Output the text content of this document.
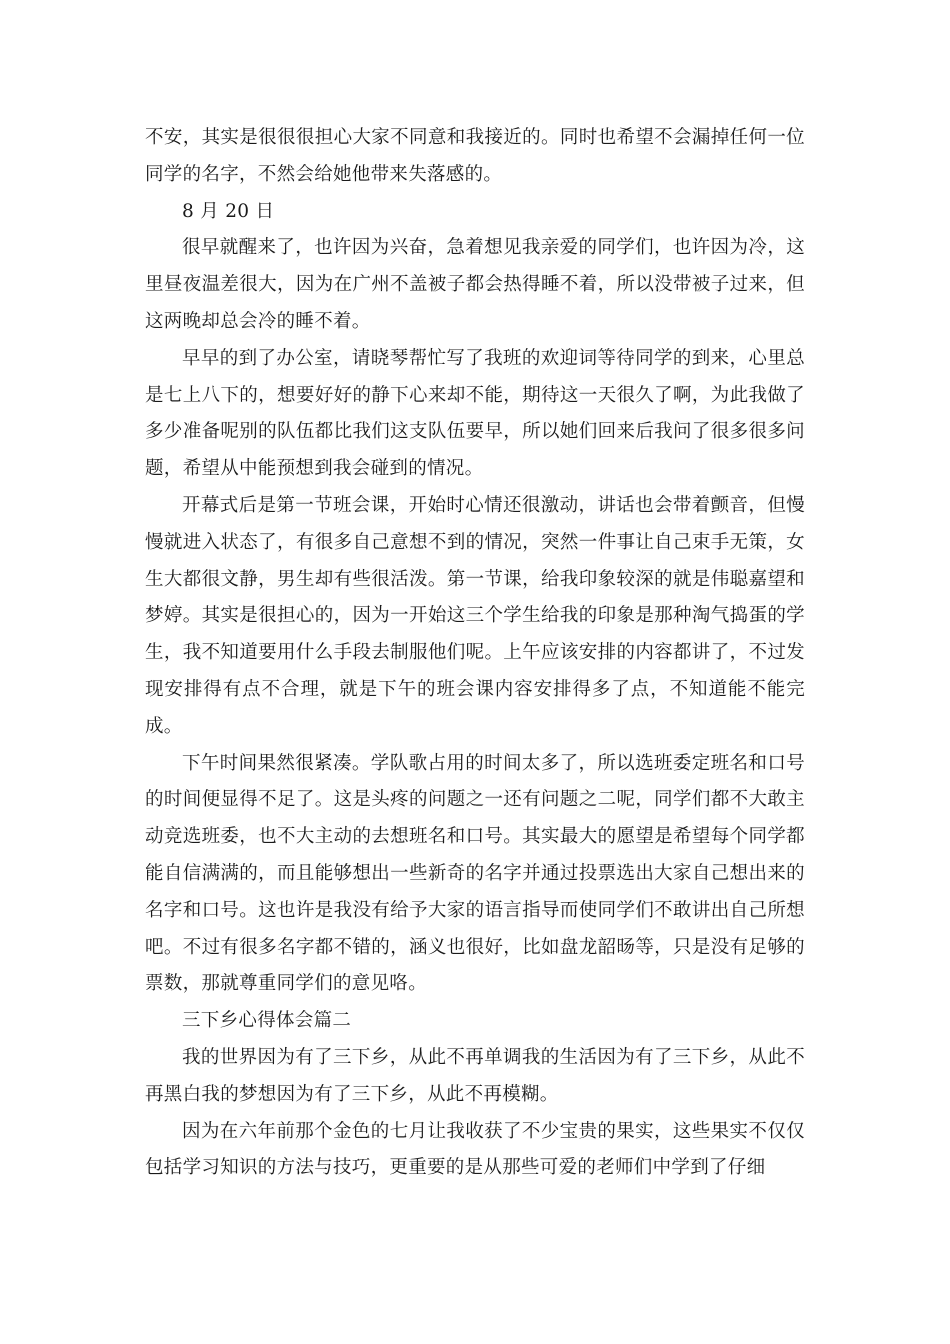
不安，其实是很很很担心大家不同意和我接近的。同时也希望不会漏掉任何一位同学的名字，不然会给她他带来失落感的。

8 月 20 日

很早就醒来了，也许因为兴奋，急着想见我亲爱的同学们，也许因为冷，这里昼夜温差很大，因为在广州不盖被子都会热得睡不着，所以没带被子过来，但这两晚却总会冷的睡不着。

早早的到了办公室，请晓琴帮忙写了我班的欢迎词等待同学的到来，心里总是七上八下的，想要好好的静下心来却不能，期待这一天很久了啊，为此我做了多少准备呢别的队伍都比我们这支队伍要早，所以她们回来后我问了很多很多问题，希望从中能预想到我会碰到的情况。

开幕式后是第一节班会课，开始时心情还很激动，讲话也会带着颤音，但慢慢就进入状态了，有很多自己意想不到的情况，突然一件事让自己束手无策，女生大都很文静，男生却有些很活泼。第一节课，给我印象较深的就是伟聪嘉望和梦婷。其实是很担心的，因为一开始这三个学生给我的印象是那种淘气捣蛋的学生，我不知道要用什么手段去制服他们呢。上午应该安排的内容都讲了，不过发现安排得有点不合理，就是下午的班会课内容安排得多了点，不知道能不能完成。

下午时间果然很紧凑。学队歌占用的时间太多了，所以选班委定班名和口号的时间便显得不足了。这是头疼的问题之一还有问题之二呢，同学们都不大敢主动竞选班委，也不大主动的去想班名和口号。其实最大的愿望是希望每个同学都能自信满满的，而且能够想出一些新奇的名字并通过投票选出大家自己想出来的名字和口号。这也许是我没有给予大家的语言指导而使同学们不敢讲出自己所想吧。不过有很多名字都不错的，涵义也很好，比如盘龙韶旸等，只是没有足够的票数，那就尊重同学们的意见咯。

三下乡心得体会篇二

我的世界因为有了三下乡，从此不再单调我的生活因为有了三下乡，从此不再黑白我的梦想因为有了三下乡，从此不再模糊。

因为在六年前那个金色的七月让我收获了不少宝贵的果实，这些果实不仅仅包括学习知识的方法与技巧，更重要的是从那些可爱的老师们中学到了仔细
